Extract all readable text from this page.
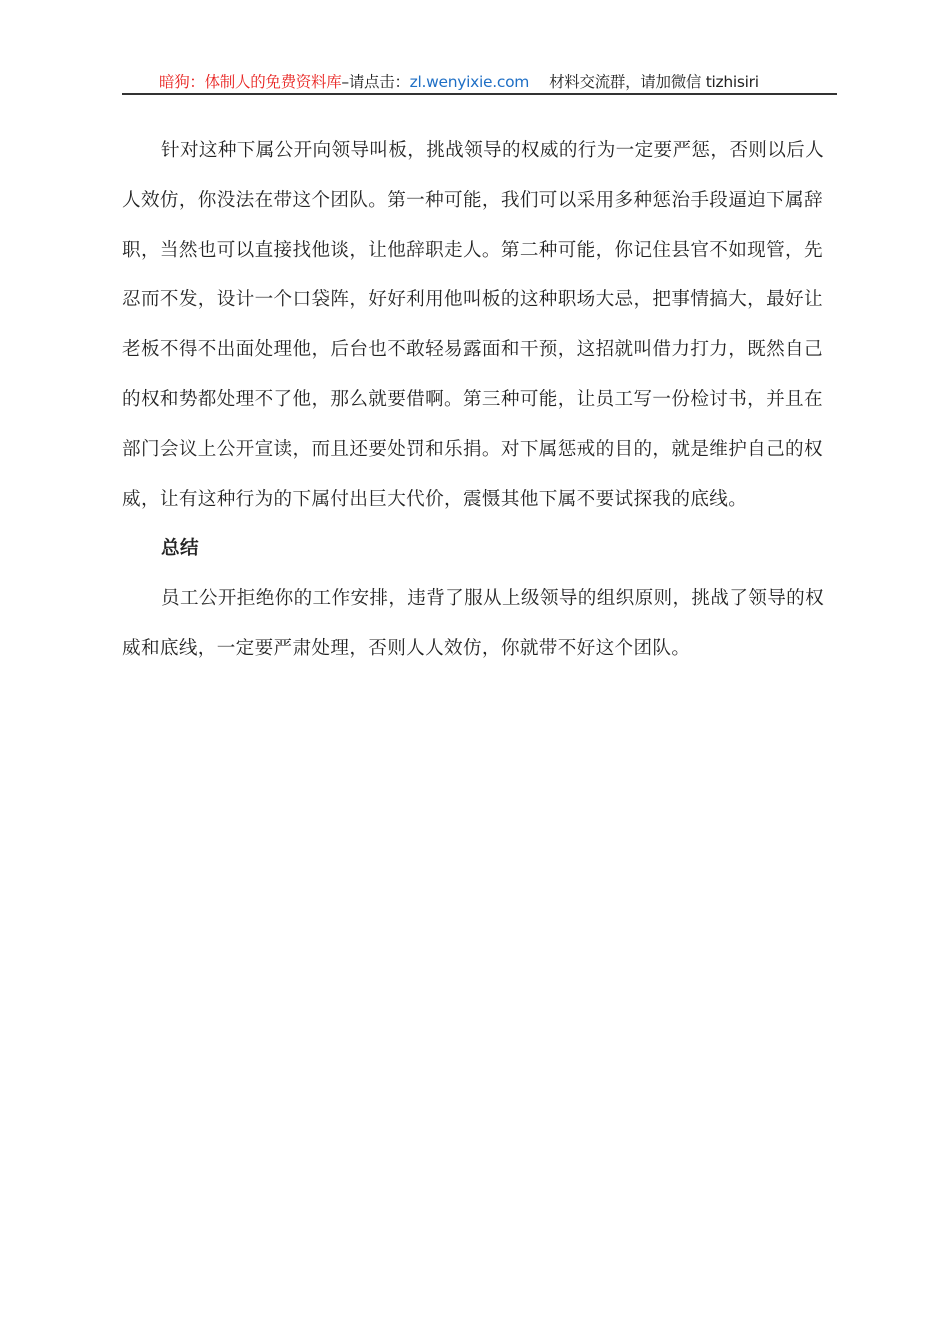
暗狗：体制人的免费资料库–请点击：zl.wenyixie.com 材料交流群，请加微信 tizhisiri
针对这种下属公开向领导叫板，挑战领导的权威的行为一定要严惩，否则以后人
人效仿，你没法在带这个团队。第一种可能，我们可以采用多种惩治手段逼迫下属辞
职，当然也可以直接找他谈，让他辞职走人。第二种可能，你记住县官不如现管，先
忍而不发，设计一个口袋阵，好好利用他叫板的这种职场大忌，把事情搞大，最好让
老板不得不出面处理他，后台也不敢轻易露面和干预，这招就叫借力打力，既然自己
的权和势都处理不了他，那么就要借啊。第三种可能，让员工写一份检讨书，并且在
部门会议上公开宣读，而且还要处罚和乐捐。对下属惩戒的目的，就是维护自己的权
威，让有这种行为的下属付出巨大代价，震慑其他下属不要试探我的底线。
总结
员工公开拒绝你的工作安排，违背了服从上级领导的组织原则，挑战了领导的权
威和底线，一定要严肃处理，否则人人效仿，你就带不好这个团队。
